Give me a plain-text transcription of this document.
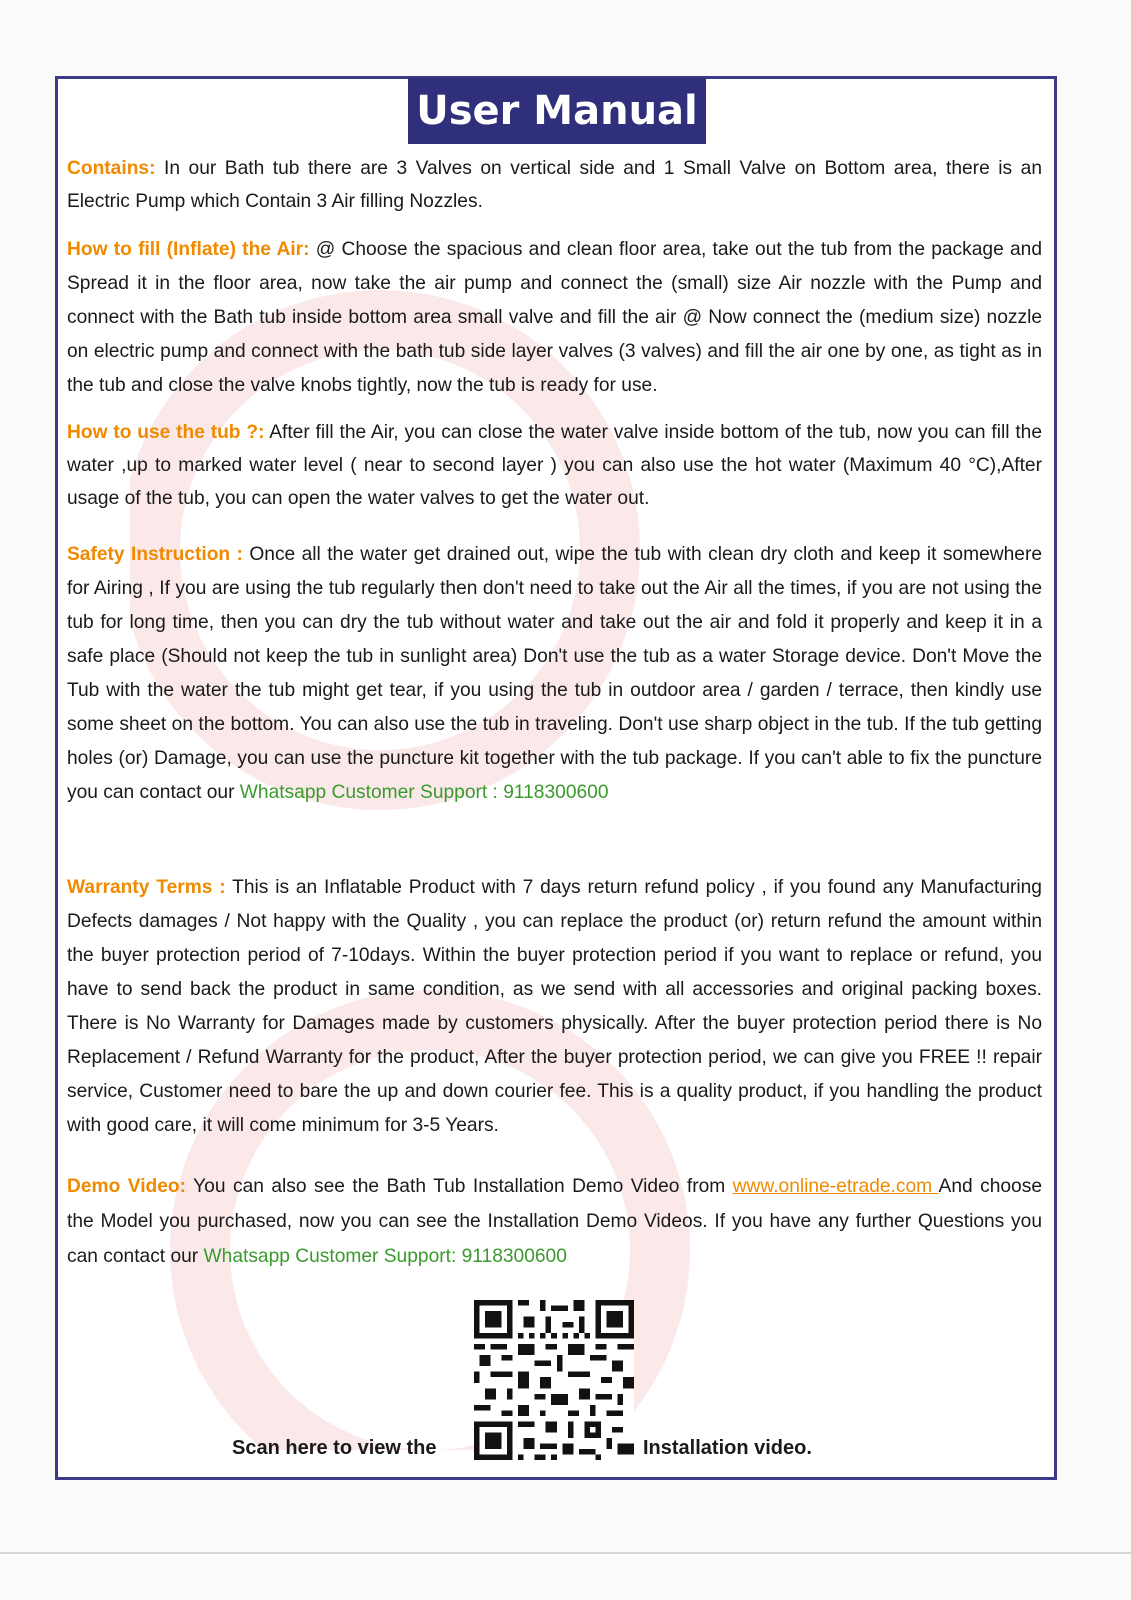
User Manual
Contains: In our Bath tub there are 3 Valves on vertical side and 1 Small Valve on Bottom area, there is an Electric Pump which Contain 3 Air filling Nozzles.
How to fill (Inflate) the Air: @ Choose the spacious and clean floor area, take out the tub from the package and Spread it in the floor area, now take the air pump and connect the (small) size Air nozzle with the Pump and connect with the Bath tub inside bottom area small valve and fill the air @ Now connect the (medium size) nozzle on electric pump and connect with the bath tub side layer valves (3 valves) and fill the air one by one, as tight as in the tub and close the valve knobs tightly, now the tub is ready for use.
How to use the tub ?: After fill the Air, you can close the water valve inside bottom of the tub, now you can fill the water ,up to marked water level ( near to second layer ) you can also use the hot water (Maximum 40 °C),After usage of the tub, you can open the water valves to get the water out.
Safety Instruction : Once all the water get drained out, wipe the tub with clean dry cloth and keep it somewhere for Airing , If you are using the tub regularly then don't need to take out the Air all the times, if you are not using the tub for long time, then you can dry the tub without water and take out the air and fold it properly and keep it in a safe place (Should not keep the tub in sunlight area) Don't use the tub as a water Storage device. Don't Move the Tub with the water the tub might get tear, if you using the tub in outdoor area / garden / terrace, then kindly use some sheet on the bottom. You can also use the tub in traveling. Don't use sharp object in the tub. If the tub getting holes (or) Damage, you can use the puncture kit together with the tub package. If you can't able to fix the puncture you can contact our Whatsapp Customer Support : 9118300600
Warranty Terms : This is an Inflatable Product with 7 days return refund policy , if you found any Manufacturing Defects damages / Not happy with the Quality , you can replace the product (or) return refund the amount within the buyer protection period of 7-10days. Within the buyer protection period if you want to replace or refund, you have to send back the product in same condition, as we send with all accessories and original packing boxes. There is No Warranty for Damages made by customers physically. After the buyer protection period there is No Replacement / Refund Warranty for the product, After the buyer protection period, we can give you FREE !! repair service, Customer need to bare the up and down courier fee. This is a quality product, if you handling the product with good care, it will come minimum for 3-5 Years.
Demo Video: You can also see the Bath Tub Installation Demo Video from www.online-etrade.com And choose the Model you purchased, now you can see the Installation Demo Videos. If you have any further Questions you can contact our Whatsapp Customer Support: 9118300600
Scan here to view the	Installation video.
